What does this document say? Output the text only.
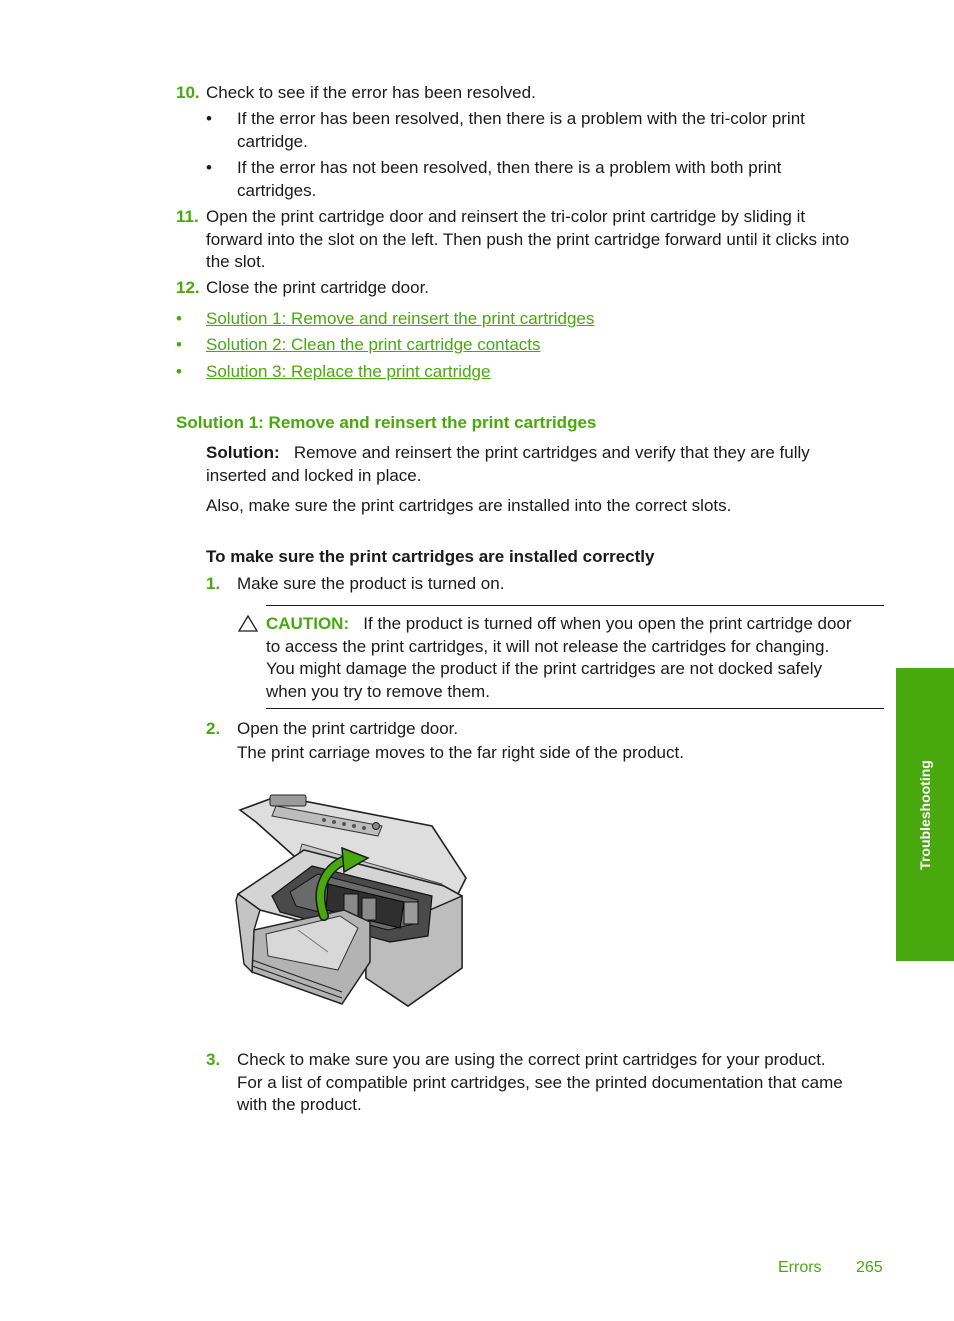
10. Check to see if the error has been resolved.
• If the error has been resolved, then there is a problem with the tri-color print
cartridge.
• If the error has not been resolved, then there is a problem with both print
cartridges.
11. Open the print cartridge door and reinsert the tri-color print cartridge by sliding it
forward into the slot on the left. Then push the print cartridge forward until it clicks into
the slot.
12. Close the print cartridge door.
• Solution 1: Remove and reinsert the print cartridges
• Solution 2: Clean the print cartridge contacts
• Solution 3: Replace the print cartridge
Solution 1: Remove and reinsert the print cartridges
Solution: Remove and reinsert the print cartridges and verify that they are fully
inserted and locked in place.
Also, make sure the print cartridges are installed into the correct slots.
To make sure the print cartridges are installed correctly
1. Make sure the product is turned on.
CAUTION: If the product is turned off when you open the print cartridge door
to access the print cartridges, it will not release the cartridges for changing.
You might damage the product if the print cartridges are not docked safely
when you try to remove them.
2. Open the print cartridge door.
The print carriage moves to the far right side of the product.
3. Check to make sure you are using the correct print cartridges for your product.
For a list of compatible print cartridges, see the printed documentation that came
with the product.
Troubleshooting
Errors 265
